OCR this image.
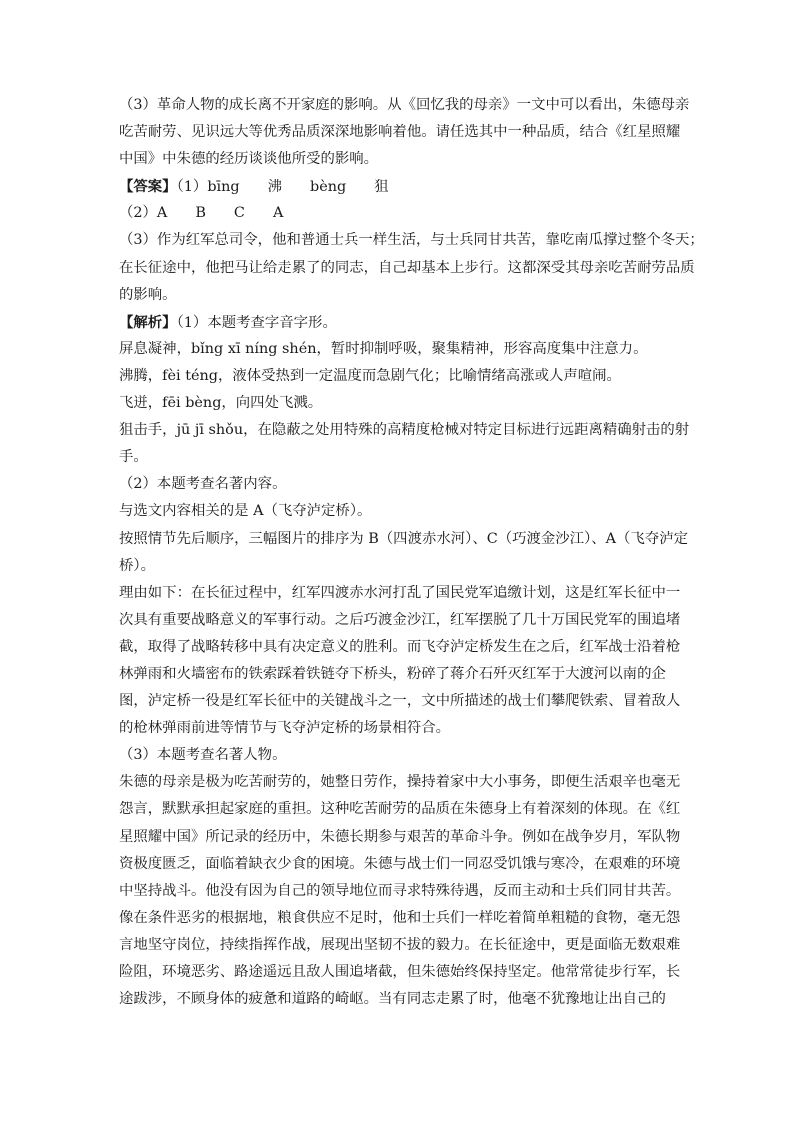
（3）革命人物的成长离不开家庭的影响。从《回忆我的母亲》一文中可以看出，朱德母亲
吃苦耐劳、见识远大等优秀品质深深地影响着他。请任选其中一种品质，结合《红星照耀
中国》中朱德的经历谈谈他所受的影响。
【答案】（1）bīng 沸 bèng 狙
（2）A B C A
（3）作为红军总司令，他和普通士兵一样生活，与士兵同甘共苦，靠吃南瓜撑过整个冬天；
在长征途中，他把马让给走累了的同志，自己却基本上步行。这都深受其母亲吃苦耐劳品质
的影响。
【解析】（1）本题考查字音字形。
屏息凝神，bǐng xī níng shén，暂时抑制呼吸，聚集精神，形容高度集中注意力。
沸腾，fèi téng，液体受热到一定温度而急剧气化；比喻情绪高涨或人声喧闹。
飞迸，fēi bèng，向四处飞溅。
狙击手，jū jī shǒu，在隐蔽之处用特殊的高精度枪械对特定目标进行远距离精确射击的射
手。
（2）本题考查名著内容。
与选文内容相关的是 A（飞夺泸定桥）。
按照情节先后顺序，三幅图片的排序为 B（四渡赤水河）、C（巧渡金沙江）、A（飞夺泸定
桥）。
理由如下：在长征过程中，红军四渡赤水河打乱了国民党军追缴计划，这是红军长征中一
次具有重要战略意义的军事行动。之后巧渡金沙江，红军摆脱了几十万国民党军的围追堵
截，取得了战略转移中具有决定意义的胜利。而飞夺泸定桥发生在之后，红军战士沿着枪
林弹雨和火墙密布的铁索踩着铁链夺下桥头，粉碎了蒋介石歼灭红军于大渡河以南的企
图，泸定桥一役是红军长征中的关键战斗之一，文中所描述的战士们攀爬铁索、冒着敌人
的枪林弹雨前进等情节与飞夺泸定桥的场景相符合。
（3）本题考查名著人物。
朱德的母亲是极为吃苦耐劳的，她整日劳作，操持着家中大小事务，即便生活艰辛也毫无
怨言，默默承担起家庭的重担。这种吃苦耐劳的品质在朱德身上有着深刻的体现。在《红
星照耀中国》所记录的经历中，朱德长期参与艰苦的革命斗争。例如在战争岁月，军队物
资极度匮乏，面临着缺衣少食的困境。朱德与战士们一同忍受饥饿与寒冷，在艰难的环境
中坚持战斗。他没有因为自己的领导地位而寻求特殊待遇，反而主动和士兵们同甘共苦。
像在条件恶劣的根据地，粮食供应不足时，他和士兵们一样吃着简单粗糙的食物，毫无怨
言地坚守岗位，持续指挥作战，展现出坚韧不拔的毅力。在长征途中，更是面临无数艰难
险阻，环境恶劣、路途遥远且敌人围追堵截，但朱德始终保持坚定。他常常徒步行军，长
途跋涉，不顾身体的疲惫和道路的崎岖。当有同志走累了时，他毫不犹豫地让出自己的
